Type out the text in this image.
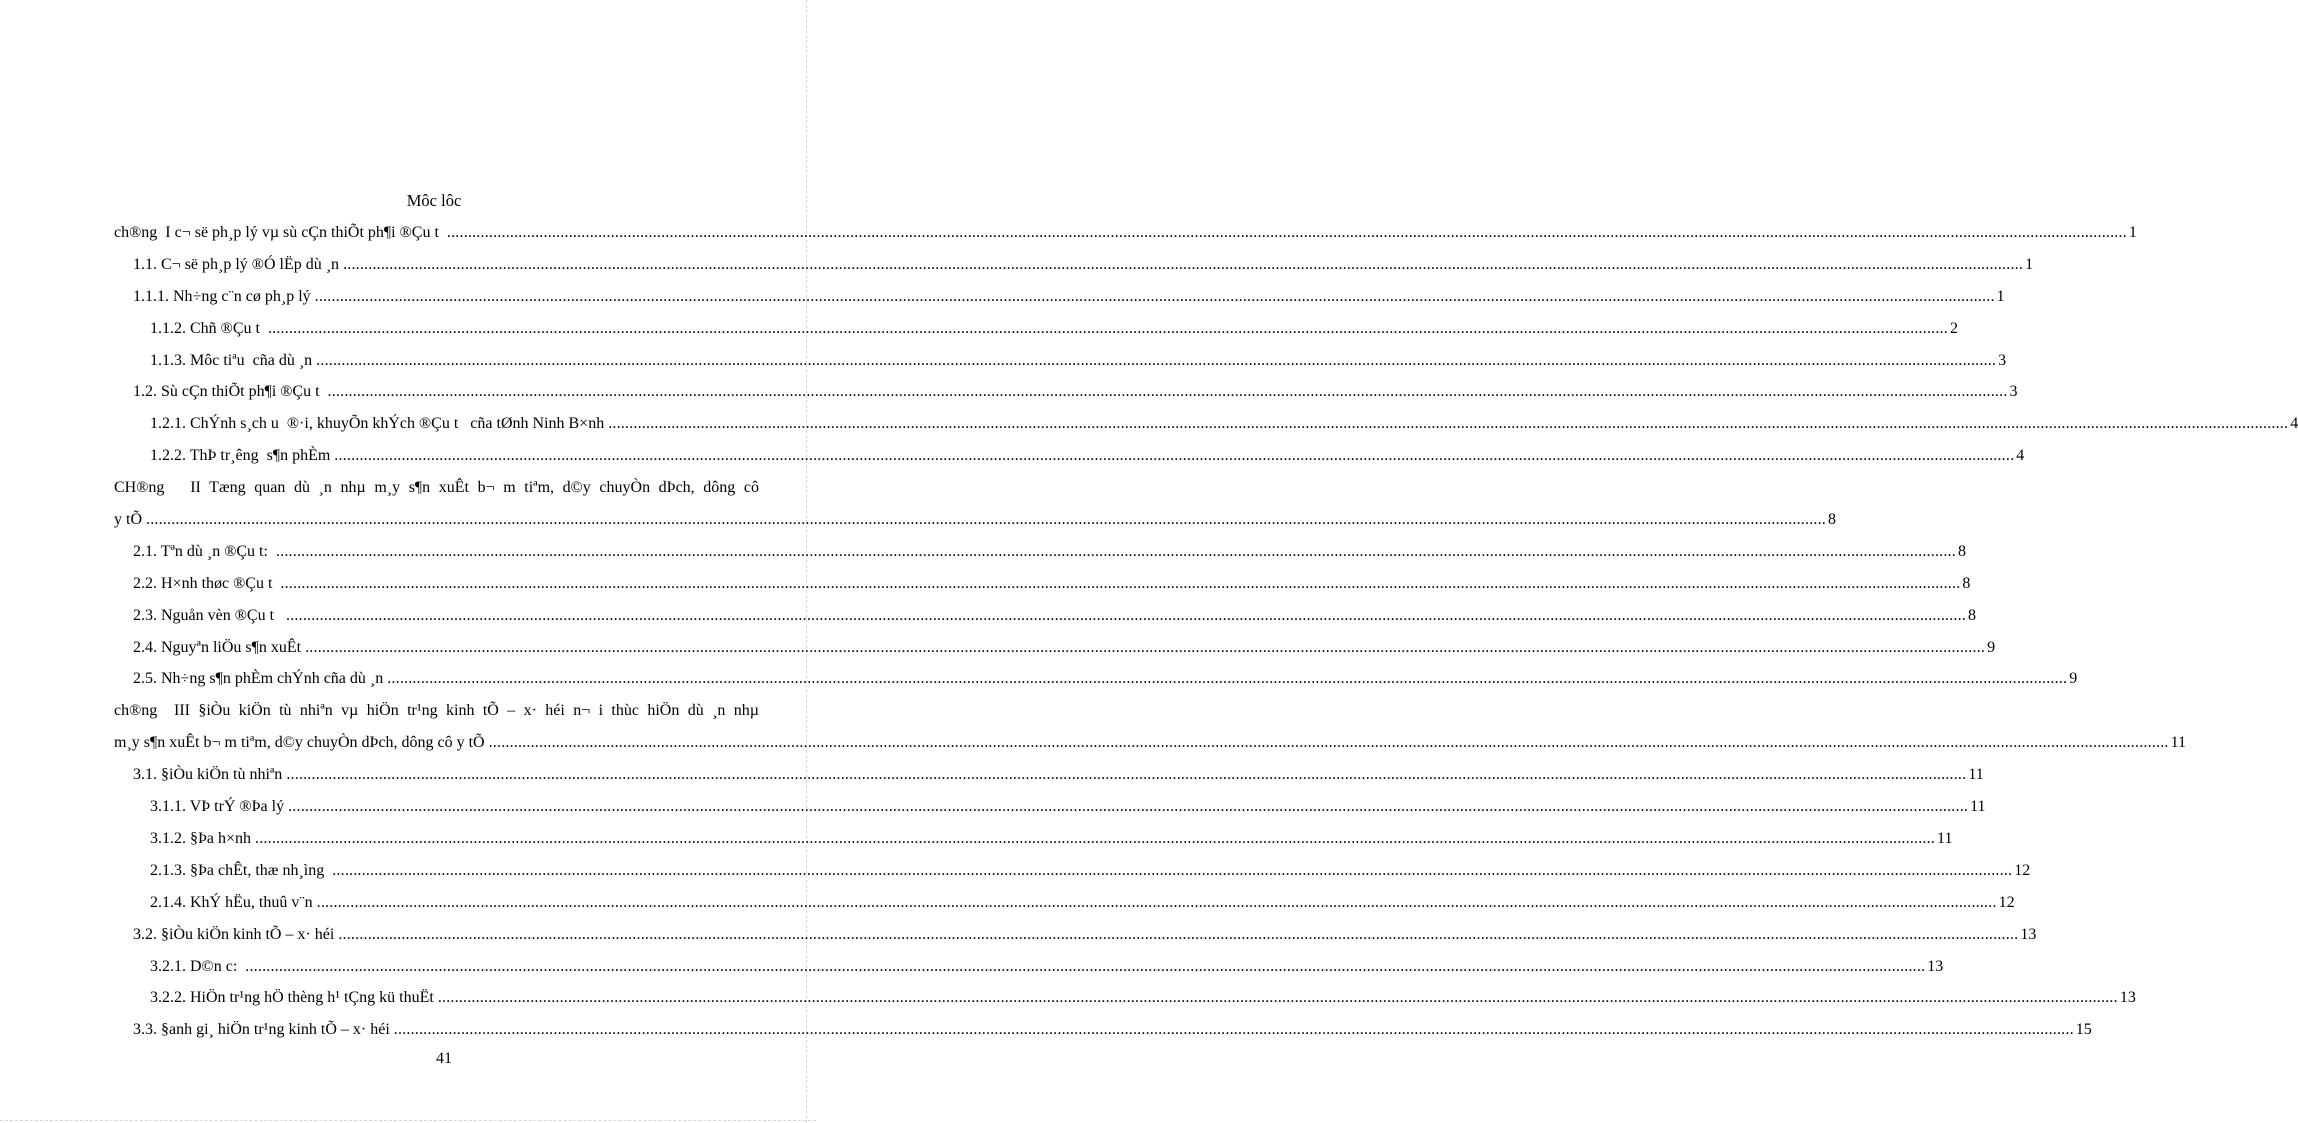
Môc lôc
ch®ng  I c¬ së ph¸p lý vµ sù cÇn thiÕt ph¶i ®Çu t ................................................................................................................................................................................................................................................................................................................................................................................................................ 1
1.1. C¬ së ph¸p lý ®Ó lËp dù ¸n ................................................................................................................................................................................................................................................................................................................................................................................................................ 1
1.1.1. Nh÷ng c¨n cø ph¸p lý ................................................................................................................................................................................................................................................................................................................................................................................................................ 1
1.1.2. Chñ ®Çu t ................................................................................................................................................................................................................................................................................................................................................................................................................ 2
1.1.3. Môc tiªu  cña dù ¸n ................................................................................................................................................................................................................................................................................................................................................................................................................ 3
1.2. Sù cÇn thiÕt ph¶i ®Çu t ................................................................................................................................................................................................................................................................................................................................................................................................................ 3
1.2.1. ChÝnh s¸ch u  ®·i, khuyÕn khÝch ®Çu t   cña tØnh Ninh B×nh ................................................................................................................................................................................................................................................................................................................................................................................................................ 4
1.2.2. ThÞ tr¸êng  s¶n phÈm ................................................................................................................................................................................................................................................................................................................................................................................................................ 4
CH®ng   II Tæng quan dù ¸n nhµ m¸y s¶n xuÊt b¬ m tiªm, d©y chuyÒn dÞch, dông cô
y tÕ ................................................................................................................................................................................................................................................................................................................................................................................................................ 8
2.1. Tªn dù ¸n ®Çu t: ................................................................................................................................................................................................................................................................................................................................................................................................................ 8
2.2. H×nh thøc ®Çu t ................................................................................................................................................................................................................................................................................................................................................................................................................ 8
2.3. Nguån vèn ®Çu t ................................................................................................................................................................................................................................................................................................................................................................................................................ 8
2.4. Nguyªn liÖu s¶n xuÊt ................................................................................................................................................................................................................................................................................................................................................................................................................ 9
2.5. Nh÷ng s¶n phÈm chÝnh cña dù ¸n ................................................................................................................................................................................................................................................................................................................................................................................................................ 9
ch®ng  III §iÒu kiÖn tù nhiªn vµ hiÖn tr¹ng kinh tÕ – x· héi n¬ i thùc hiÖn dù ¸n nhµ
m¸y s¶n xuÊt b¬ m tiªm, d©y chuyÒn dÞch, dông cô y tÕ ................................................................................................................................................................................................................................................................................................................................................................................................................ 11
3.1. §iÒu kiÖn tù nhiªn ................................................................................................................................................................................................................................................................................................................................................................................................................ 11
3.1.1. VÞ trÝ ®Þa lý ................................................................................................................................................................................................................................................................................................................................................................................................................ 11
3.1.2. §Þa h×nh ................................................................................................................................................................................................................................................................................................................................................................................................................ 11
2.1.3. §Þa chÊt, thæ nh¸ìng ................................................................................................................................................................................................................................................................................................................................................................................................................ 12
2.1.4. KhÝ hËu, thuû v¨n ................................................................................................................................................................................................................................................................................................................................................................................................................ 12
3.2. §iÒu kiÖn kinh tÕ – x· héi ................................................................................................................................................................................................................................................................................................................................................................................................................ 13
3.2.1. D©n c: ................................................................................................................................................................................................................................................................................................................................................................................................................ 13
3.2.2. HiÖn tr¹ng hÖ thèng h¹ tÇng kü thuËt ................................................................................................................................................................................................................................................................................................................................................................................................................ 13
3.3. §anh gi¸ hiÖn tr¹ng kinh tÕ – x· héi ................................................................................................................................................................................................................................................................................................................................................................................................................ 15
41
